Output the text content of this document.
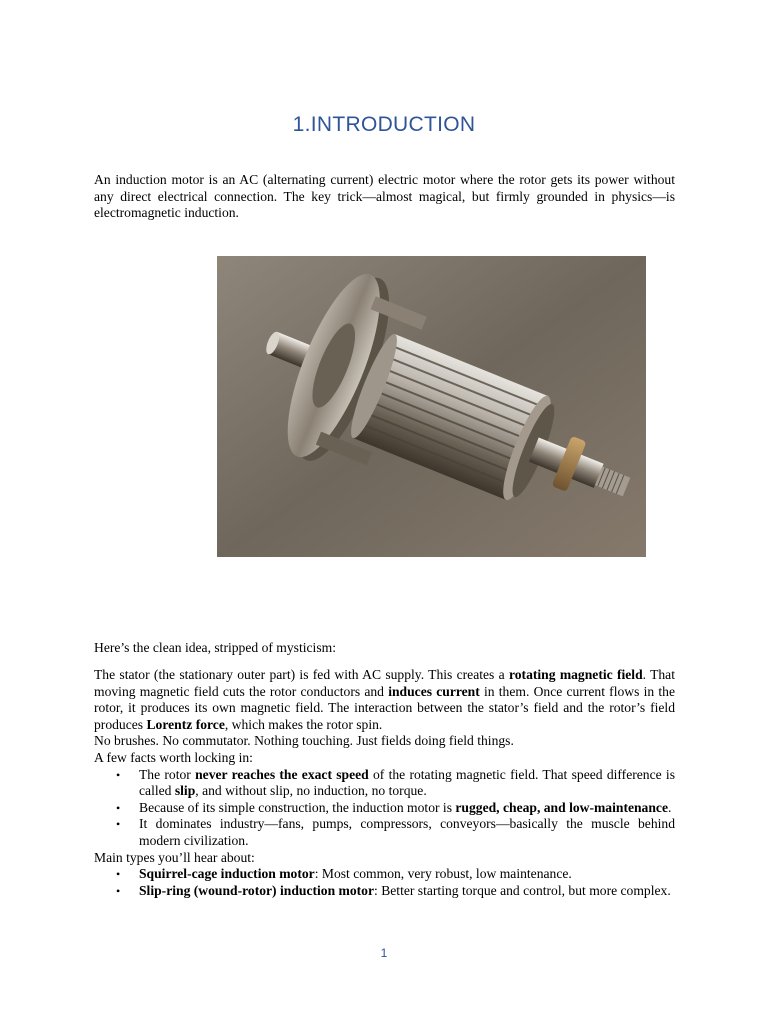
1.INTRODUCTION
An induction motor is an AC (alternating current) electric motor where the rotor gets its power without any direct electrical connection. The key trick—almost magical, but firmly grounded in physics—is electromagnetic induction.
Here’s the clean idea, stripped of mysticism:

The stator (the stationary outer part) is fed with AC supply. This creates a rotating magnetic field. That moving magnetic field cuts the rotor conductors and induces current in them. Once current flows in the rotor, it produces its own magnetic field. The interaction between the stator’s field and the rotor’s field produces Lorentz force, which makes the rotor spin.

No brushes. No commutator. Nothing touching. Just fields doing field things.

A few facts worth locking in:

• The rotor never reaches the exact speed of the rotating magnetic field. That speed difference is called slip, and without slip, no induction, no torque.
• Because of its simple construction, the induction motor is rugged, cheap, and low-maintenance.
• It dominates industry—fans, pumps, compressors, conveyors—basically the muscle behind modern civilization.

Main types you’ll hear about:

• Squirrel-cage induction motor: Most common, very robust, low maintenance.
• Slip-ring (wound-rotor) induction motor: Better starting torque and control, but more complex.
1
